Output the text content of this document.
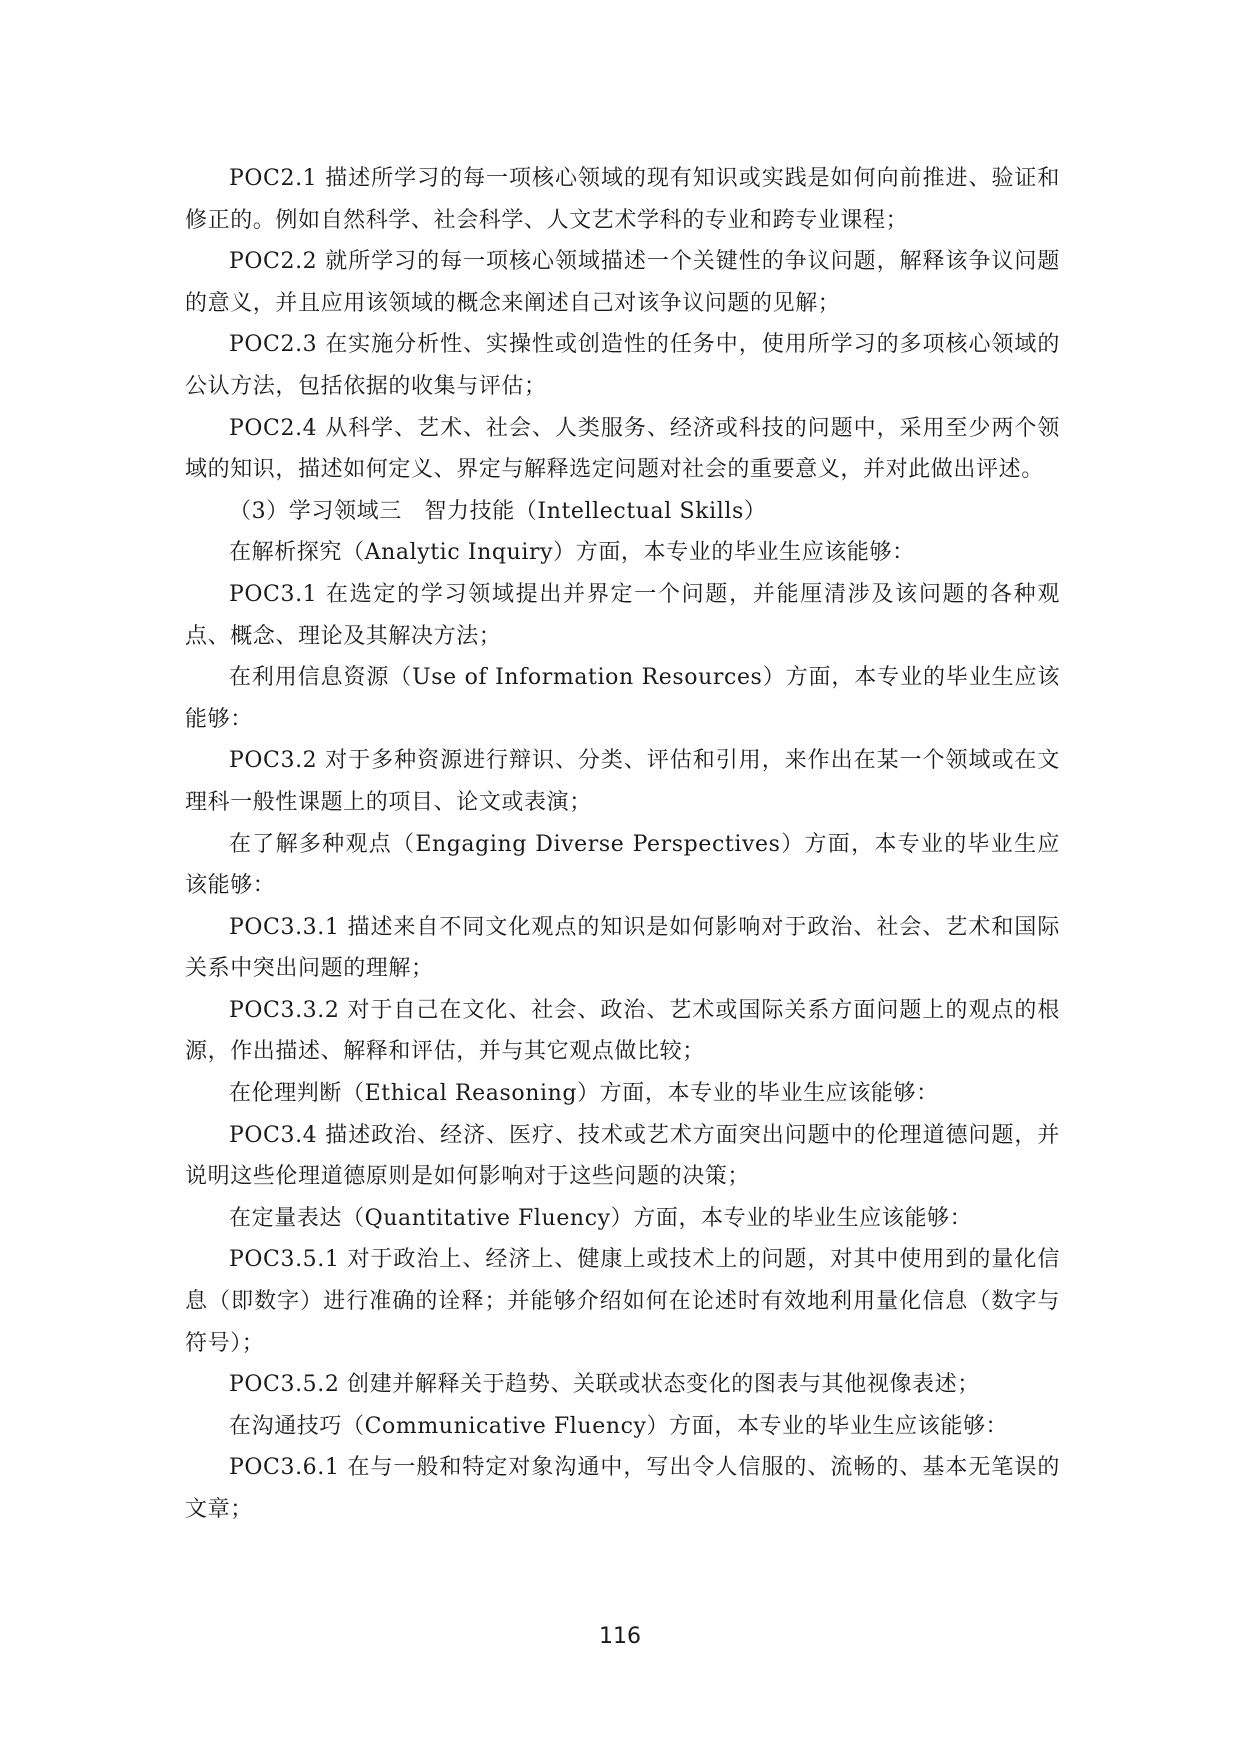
POC2.1 描述所学习的每一项核心领域的现有知识或实践是如何向前推进、验证和修正的。例如自然科学、社会科学、人文艺术学科的专业和跨专业课程；

POC2.2 就所学习的每一项核心领域描述一个关键性的争议问题，解释该争议问题的意义，并且应用该领域的概念来阐述自己对该争议问题的见解；

POC2.3 在实施分析性、实操性或创造性的任务中，使用所学习的多项核心领域的公认方法，包括依据的收集与评估；

POC2.4 从科学、艺术、社会、人类服务、经济或科技的问题中，采用至少两个领域的知识，描述如何定义、界定与解释选定问题对社会的重要意义，并对此做出评述。

（3）学习领域三　智力技能（Intellectual Skills）

在解析探究（Analytic Inquiry）方面，本专业的毕业生应该能够：

POC3.1 在选定的学习领域提出并界定一个问题，并能厘清涉及该问题的各种观点、概念、理论及其解决方法；

在利用信息资源（Use of Information Resources）方面，本专业的毕业生应该能够：

POC3.2 对于多种资源进行辩识、分类、评估和引用，来作出在某一个领域或在文理科一般性课题上的项目、论文或表演；

在了解多种观点（Engaging Diverse Perspectives）方面，本专业的毕业生应该能够：

POC3.3.1 描述来自不同文化观点的知识是如何影响对于政治、社会、艺术和国际关系中突出问题的理解；

POC3.3.2 对于自己在文化、社会、政治、艺术或国际关系方面问题上的观点的根源，作出描述、解释和评估，并与其它观点做比较；

在伦理判断（Ethical Reasoning）方面，本专业的毕业生应该能够：

POC3.4 描述政治、经济、医疗、技术或艺术方面突出问题中的伦理道德问题，并说明这些伦理道德原则是如何影响对于这些问题的决策；

在定量表达（Quantitative Fluency）方面，本专业的毕业生应该能够：

POC3.5.1 对于政治上、经济上、健康上或技术上的问题，对其中使用到的量化信息（即数字）进行准确的诠释；并能够介绍如何在论述时有效地利用量化信息（数字与符号）；

POC3.5.2 创建并解释关于趋势、关联或状态变化的图表与其他视像表述；

在沟通技巧（Communicative Fluency）方面，本专业的毕业生应该能够：

POC3.6.1 在与一般和特定对象沟通中，写出令人信服的、流畅的、基本无笔误的文章；

116
